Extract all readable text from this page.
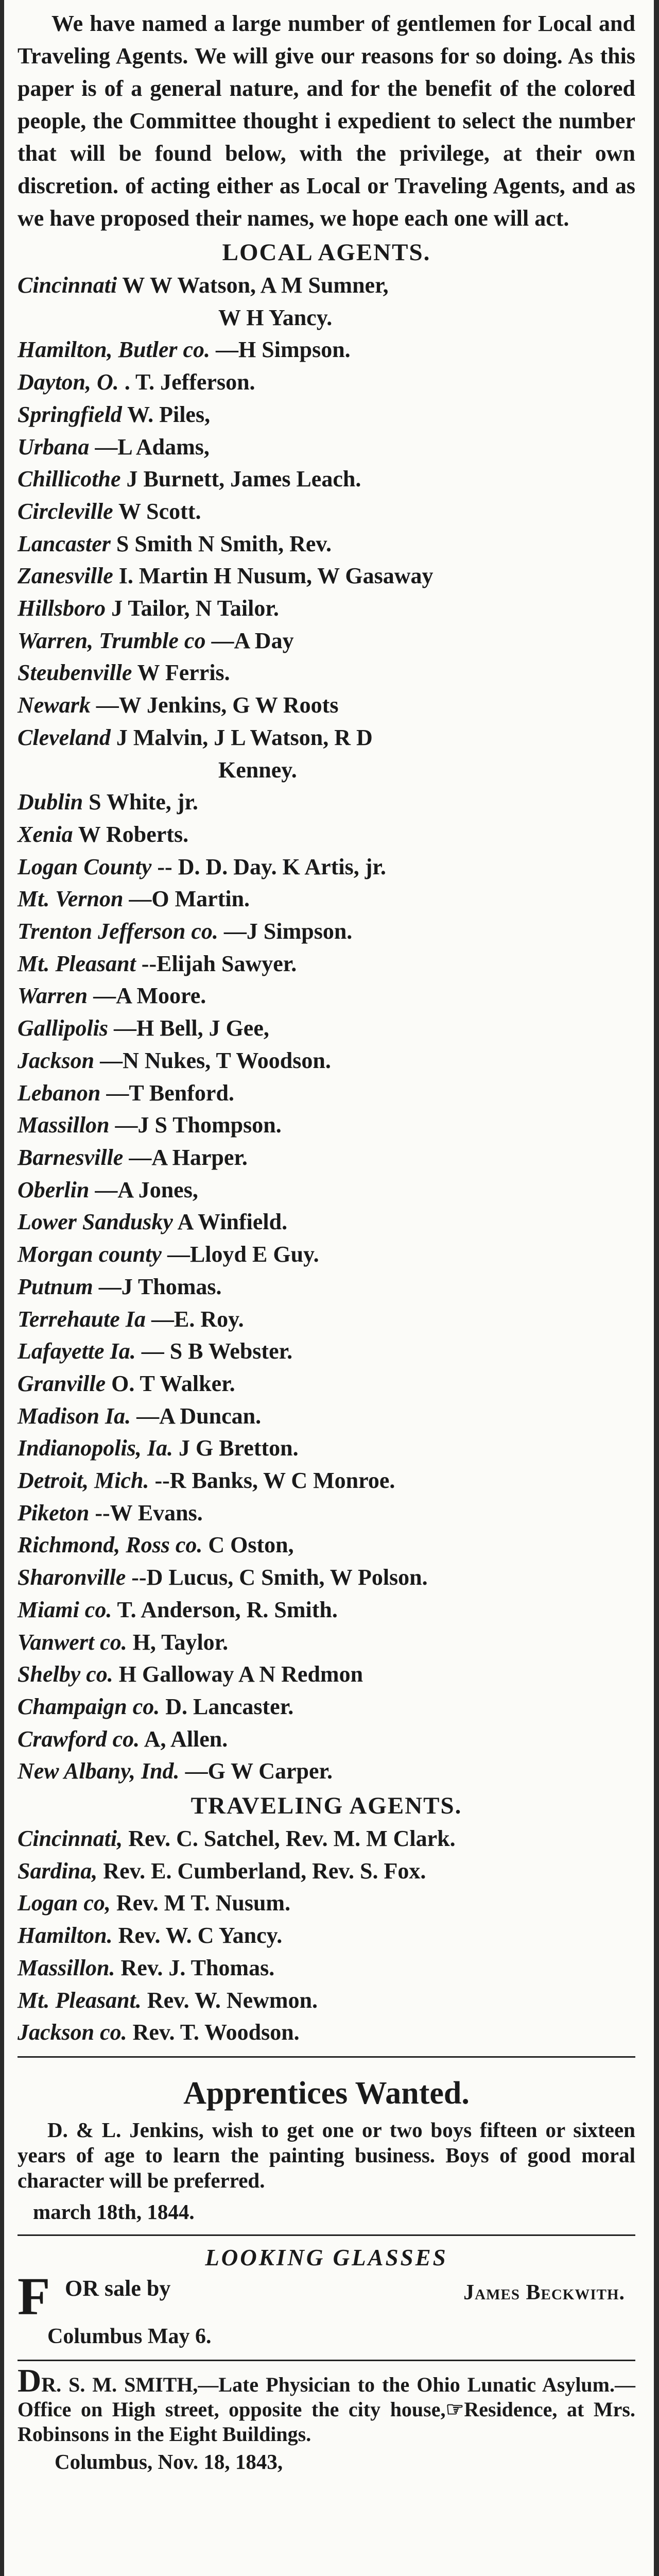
We have named a large number of gentlemen for Local and Traveling Agents. We will give our reasons for so doing. As this paper is of a general nature, and for the benefit of the colored people, the Committee thought i expedient to select the number that will be found below, with the privilege, at their own discretion. of acting either as Local or Traveling Agents, and as we have proposed their names, we hope each one will act.

LOCAL AGENTS.
Cincinnati W W Watson, A M Sumner,
W H Yancy.
Hamilton, Butler co. —H Simpson.
Dayton, O. . T. Jefferson.
Springfield W. Piles,
Urbana —L Adams,
Chillicothe J Burnett, James Leach.
Circleville W Scott.
Lancaster S Smith N Smith, Rev.
Zanesville I. Martin H Nusum, W Gasaway
Hillsboro J Tailor, N Tailor.
Warren, Trumble co —A Day
Steubenville W Ferris.
Newark —W Jenkins, G W Roots
Cleveland J Malvin, J L Watson, R D
Kenney.
Dublin S White, jr.
Xenia W Roberts.
Logan County -- D. D. Day. K Artis, jr.
Mt. Vernon —O Martin.
Trenton Jefferson co. —J Simpson.
Mt. Pleasant --Elijah Sawyer.
Warren —A Moore.
Gallipolis —H Bell, J Gee,
Jackson —N Nukes, T Woodson.
Lebanon —T Benford.
Massillon —J S Thompson.
Barnesville —A Harper.
Oberlin —A Jones,
Lower Sandusky A Winfield.
Morgan county —Lloyd E Guy.
Putnum —J Thomas.
Terrehaute Ia —E. Roy.
Lafayette Ia. — S B Webster.
Granville O. T Walker.
Madison Ia. —A Duncan.
Indianopolis, Ia. J G Bretton.
Detroit, Mich. --R Banks, W C Monroe.
Piketon --W Evans.
Richmond, Ross co. C Oston,
Sharonville --D Lucus, C Smith, W Polson.
Miami co. T. Anderson, R. Smith.
Vanwert co. H, Taylor.
Shelby co. H Galloway A N Redmon
Champaign co. D. Lancaster.
Crawford co. A, Allen.
New Albany, Ind. —G W Carper.
TRAVELING AGENTS.
Cincinnati, Rev. C. Satchel, Rev. M. M Clark.
Sardina, Rev. E. Cumberland, Rev. S. Fox.
Logan co, Rev. M T. Nusum.
Hamilton. Rev. W. C Yancy.
Massillon. Rev. J. Thomas.
Mt. Pleasant. Rev. W. Newmon.
Jackson co. Rev. T. Woodson.
Apprentices Wanted.

D. & L. Jenkins, wish to get one or two boys fifteen or sixteen years of age to learn the painting business. Boys of good moral character will be preferred.

march 18th, 1844.
LOOKING GLASSES
F OR sale by	James Beckwith.
Columbus May 6.

DR. S. M. SMITH,—Late Physician to the Ohio Lunatic Asylum.—Office on High street, opposite the city house,☞Residence, at Mrs. Robinsons in the Eight Buildings.

Columbus, Nov. 18, 1843,
